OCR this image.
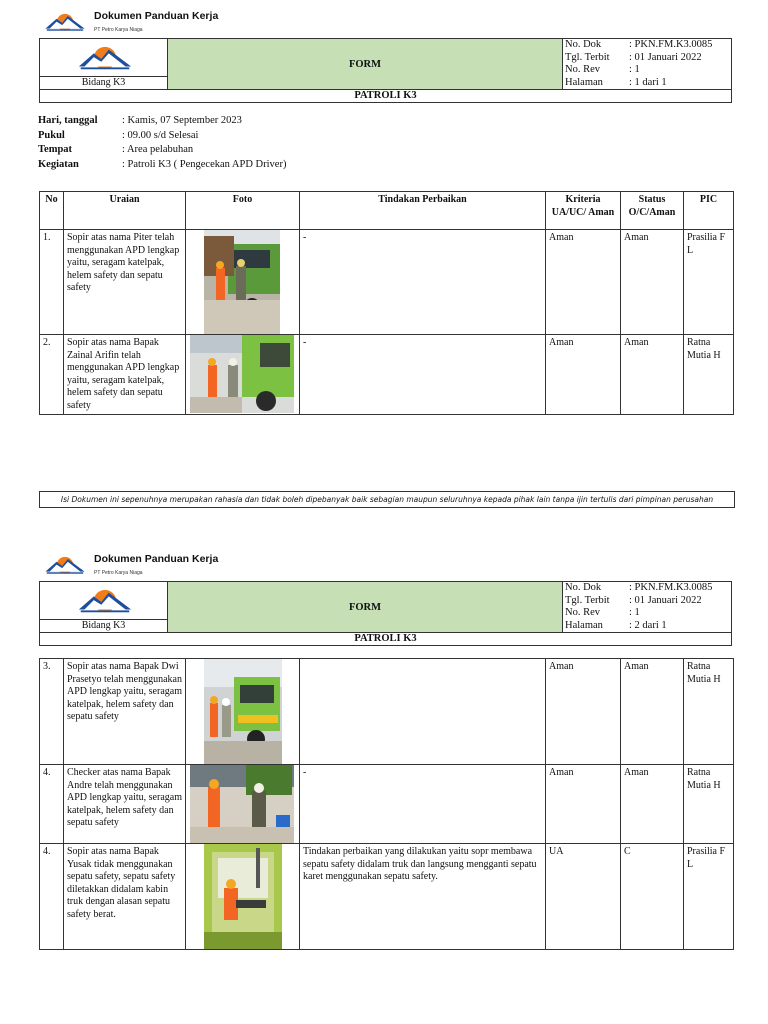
Dokumen Panduan Kerja
PT Petro Karya Niaga
Bidang K3
	FORM	
No. Dok	: PKN.FM.K3.0085
Tgl. Terbit	: 01 Januari 2022
No. Rev	: 1
Halaman	: 1 dari 1

PATROLI K3
Hari, tanggal	: Kamis, 07 September 2023
Pukul	: 09.00 s/d Selesai
Tempat	: Area pelabuhan
Kegiatan	: Patroli K3 ( Pengecekan APD Driver)
No	Uraian	Foto	Tindakan Perbaikan	Kriteria UA/UC/ Aman	Status O/C/Aman	PIC
1.	Sopir atas nama Piter telah menggunakan APD lengkap yaitu, seragam katelpak, helem safety dan sepatu safety		-	Aman	Aman	Prasilia F L
2.	Sopir atas nama Bapak Zainal Arifin telah menggunakan APD lengkap yaitu, seragam katelpak, helem safety dan sepatu safety		-	Aman	Aman	Ratna Mutia H
Isi Dokumen ini sepenuhnya merupakan rahasia dan tidak boleh dipebanyak baik sebagian maupun seluruhnya kepada pihak lain tanpa ijin tertulis dari pimpinan perusahan
Dokumen Panduan Kerja
PT Petro Karya Niaga
Bidang K3
	FORM	
No. Dok	: PKN.FM.K3.0085
Tgl. Terbit	: 01 Januari 2022
No. Rev	: 1
Halaman	: 2 dari 1

PATROLI K3
3.	Sopir atas nama Bapak Dwi Prasetyo telah menggunakan APD lengkap yaitu, seragam katelpak, helem safety dan sepatu safety			Aman	Aman	Ratna Mutia H
4.	Checker atas nama Bapak Andre telah menggunakan APD lengkap yaitu, seragam katelpak, helem safety dan sepatu safety		-	Aman	Aman	Ratna Mutia H
4.	Sopir atas nama Bapak Yusak tidak menggunakan sepatu safety, sepatu safety diletakkan didalam kabin truk dengan alasan sepatu safety berat.		Tindakan perbaikan yang dilakukan yaitu sopr membawa sepatu safety didalam truk dan langsung mengganti sepatu karet menggunakan sepatu safety.	UA	C	Prasilia F L
